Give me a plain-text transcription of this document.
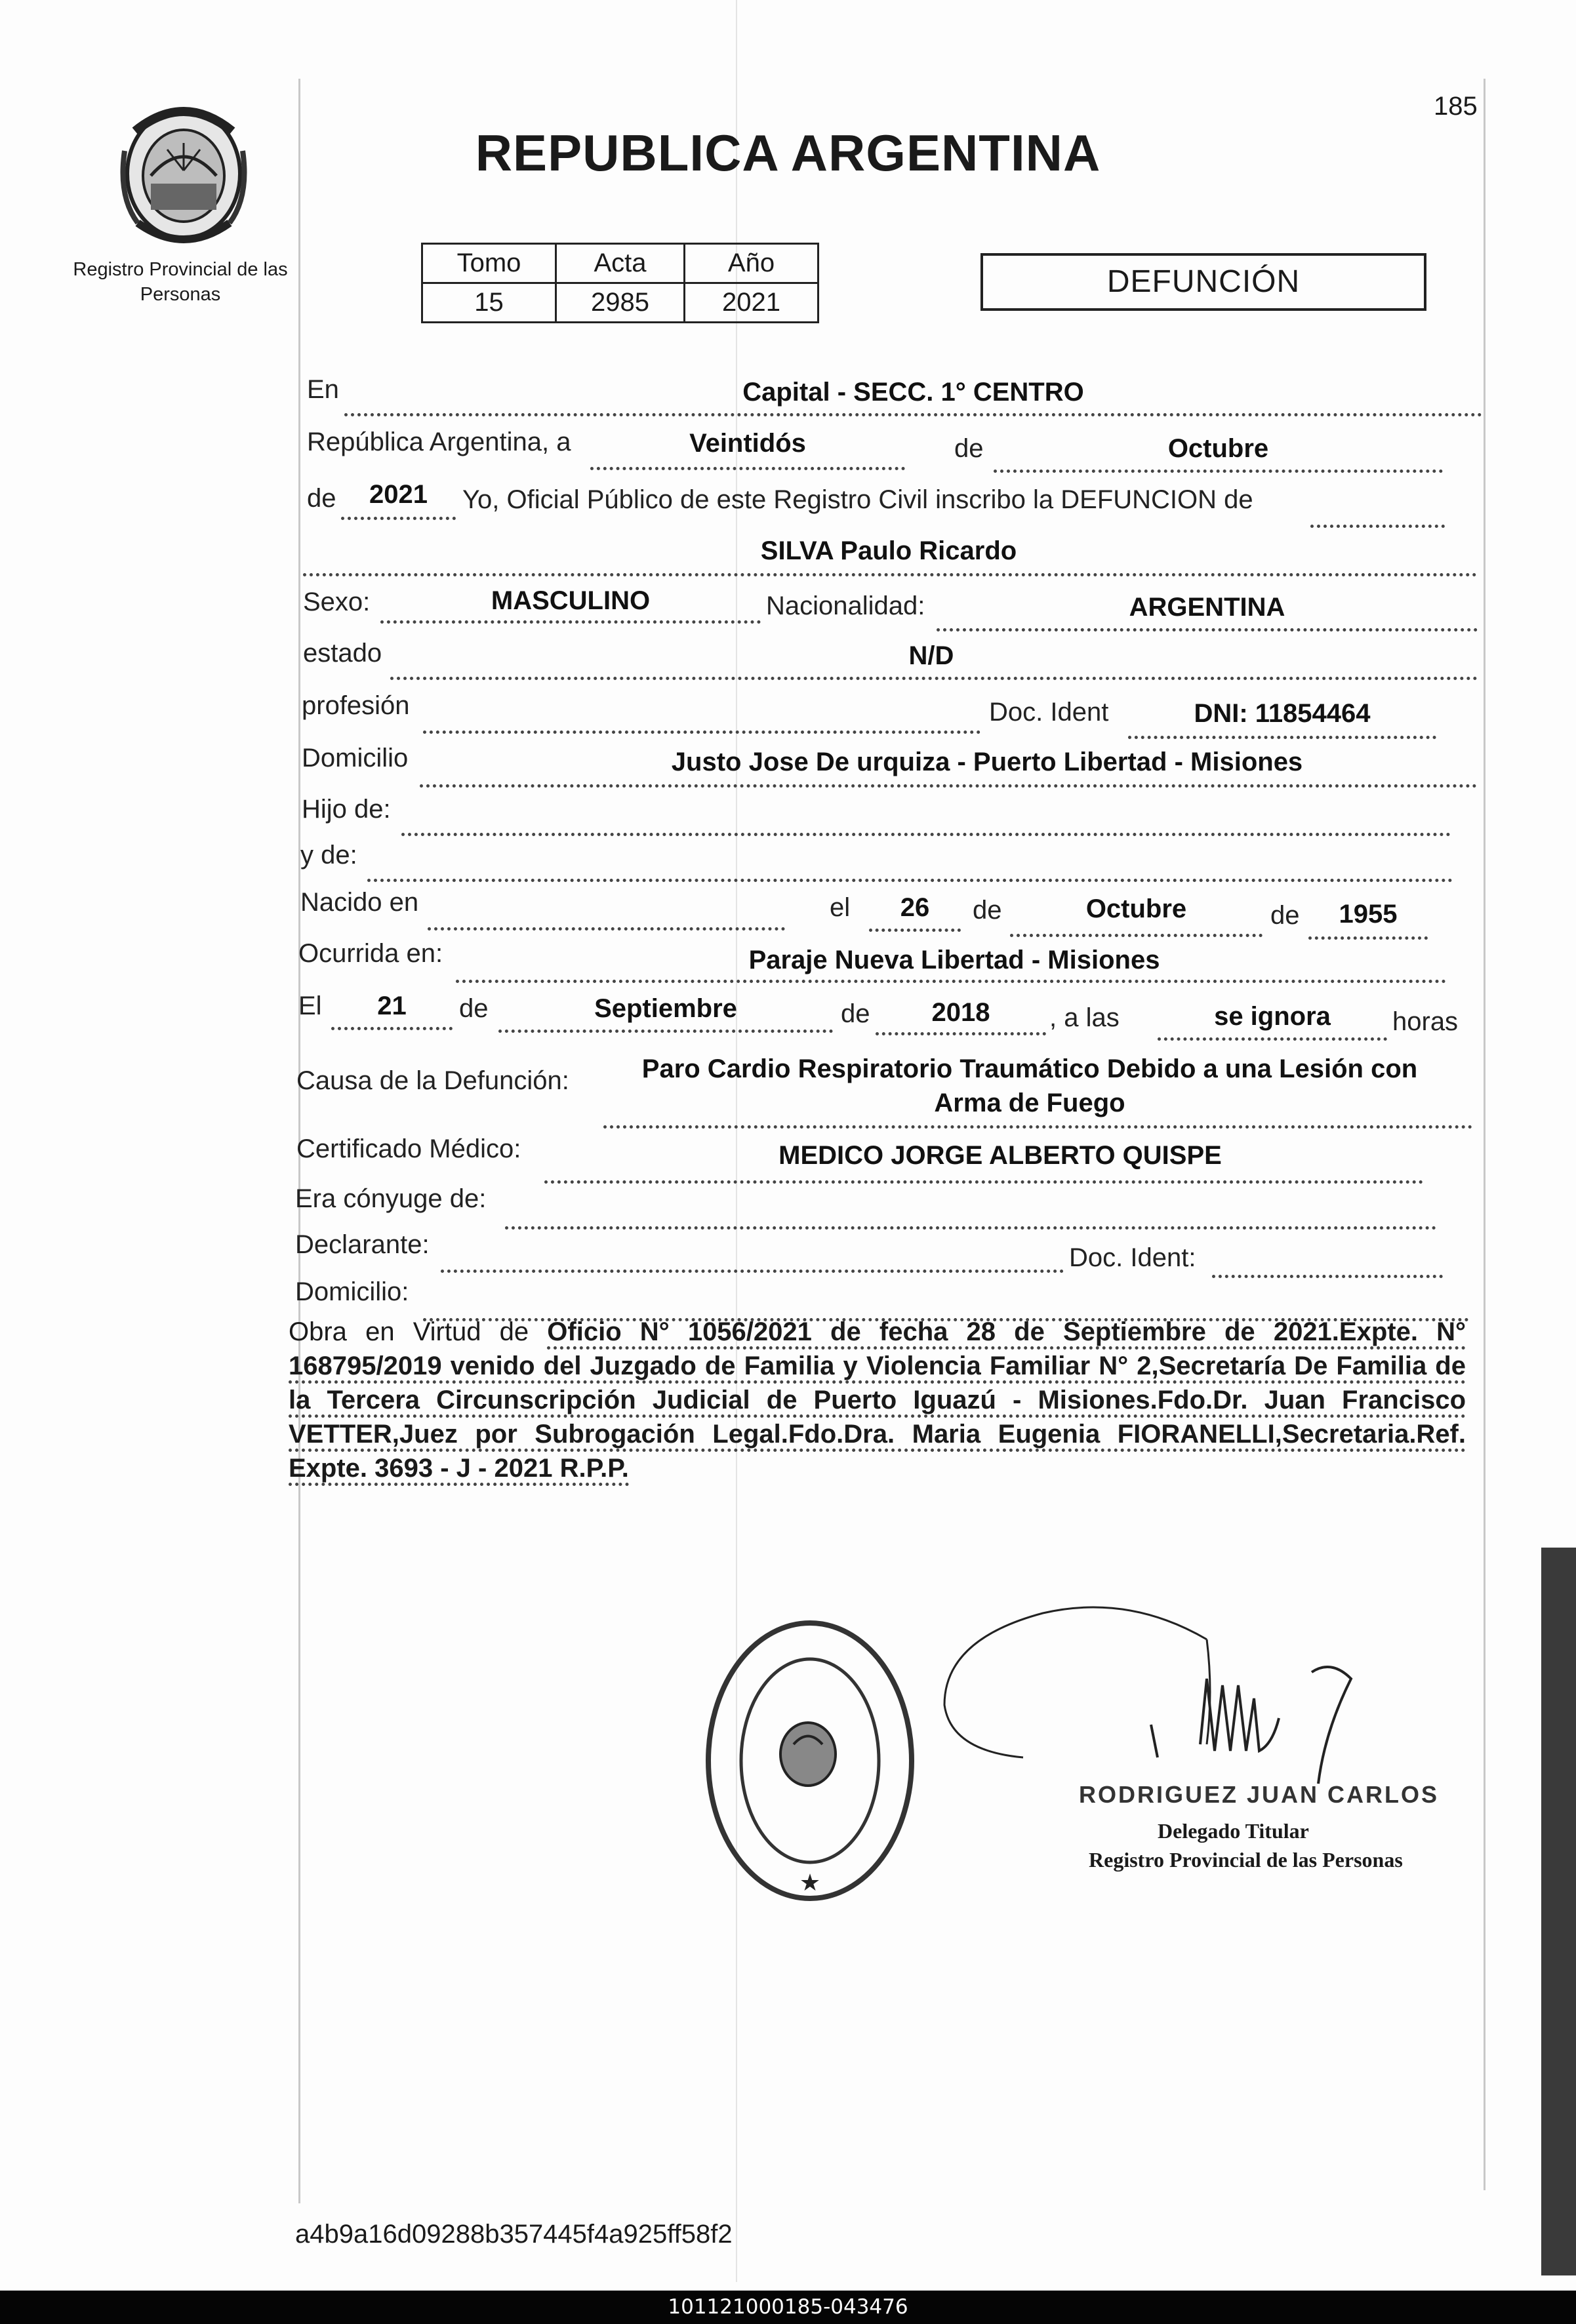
Registro Provincial de las Personas
185
REPUBLICA ARGENTINA
Tomo	Acta	Año
15	2985	2021
DEFUNCIÓN
En	Capital - SECC. 1° CENTRO
República Argentina, a	Veintidós	de	Octubre
de	2021	Yo, Oficial Público de este Registro Civil inscribo la DEFUNCION de
SILVA Paulo Ricardo
Sexo:	MASCULINO	Nacionalidad:	ARGENTINA
estado	N/D
profesión	Doc. Ident	DNI: 11854464
Domicilio	Justo Jose De urquiza - Puerto Libertad - Misiones
Hijo de:
y de:
Nacido en	el	26	de	Octubre	de	1955
Ocurrida en:	Paraje Nueva Libertad - Misiones
El	21	de	Septiembre	de	2018	, a las	se ignora	horas
Causa de la Defunción:	Paro Cardio Respiratorio Traumático Debido a una Lesión con
Arma de Fuego
Certificado Médico:	MEDICO JORGE ALBERTO QUISPE
Era cónyuge de:
Declarante:	Doc. Ident:
Domicilio:
Obra en Virtud de Oficio N° 1056/2021 de fecha 28 de Septiembre de 2021.Expte. N° 168795/2019 venido del Juzgado de Familia y Violencia Familiar N° 2,Secretaría De Familia de la Tercera Circunscripción Judicial de Puerto Iguazú - Misiones.Fdo.Dr. Juan Francisco VETTER,Juez por Subrogación Legal.Fdo.Dra. Maria Eugenia FIORANELLI,Secretaria.Ref. Expte. 3693 - J - 2021 R.P.P.
★
RODRIGUEZ JUAN CARLOS
Delegado Titular
Registro Provincial de las Personas
a4b9a16d09288b357445f4a925ff58f2
101121000185-043476
